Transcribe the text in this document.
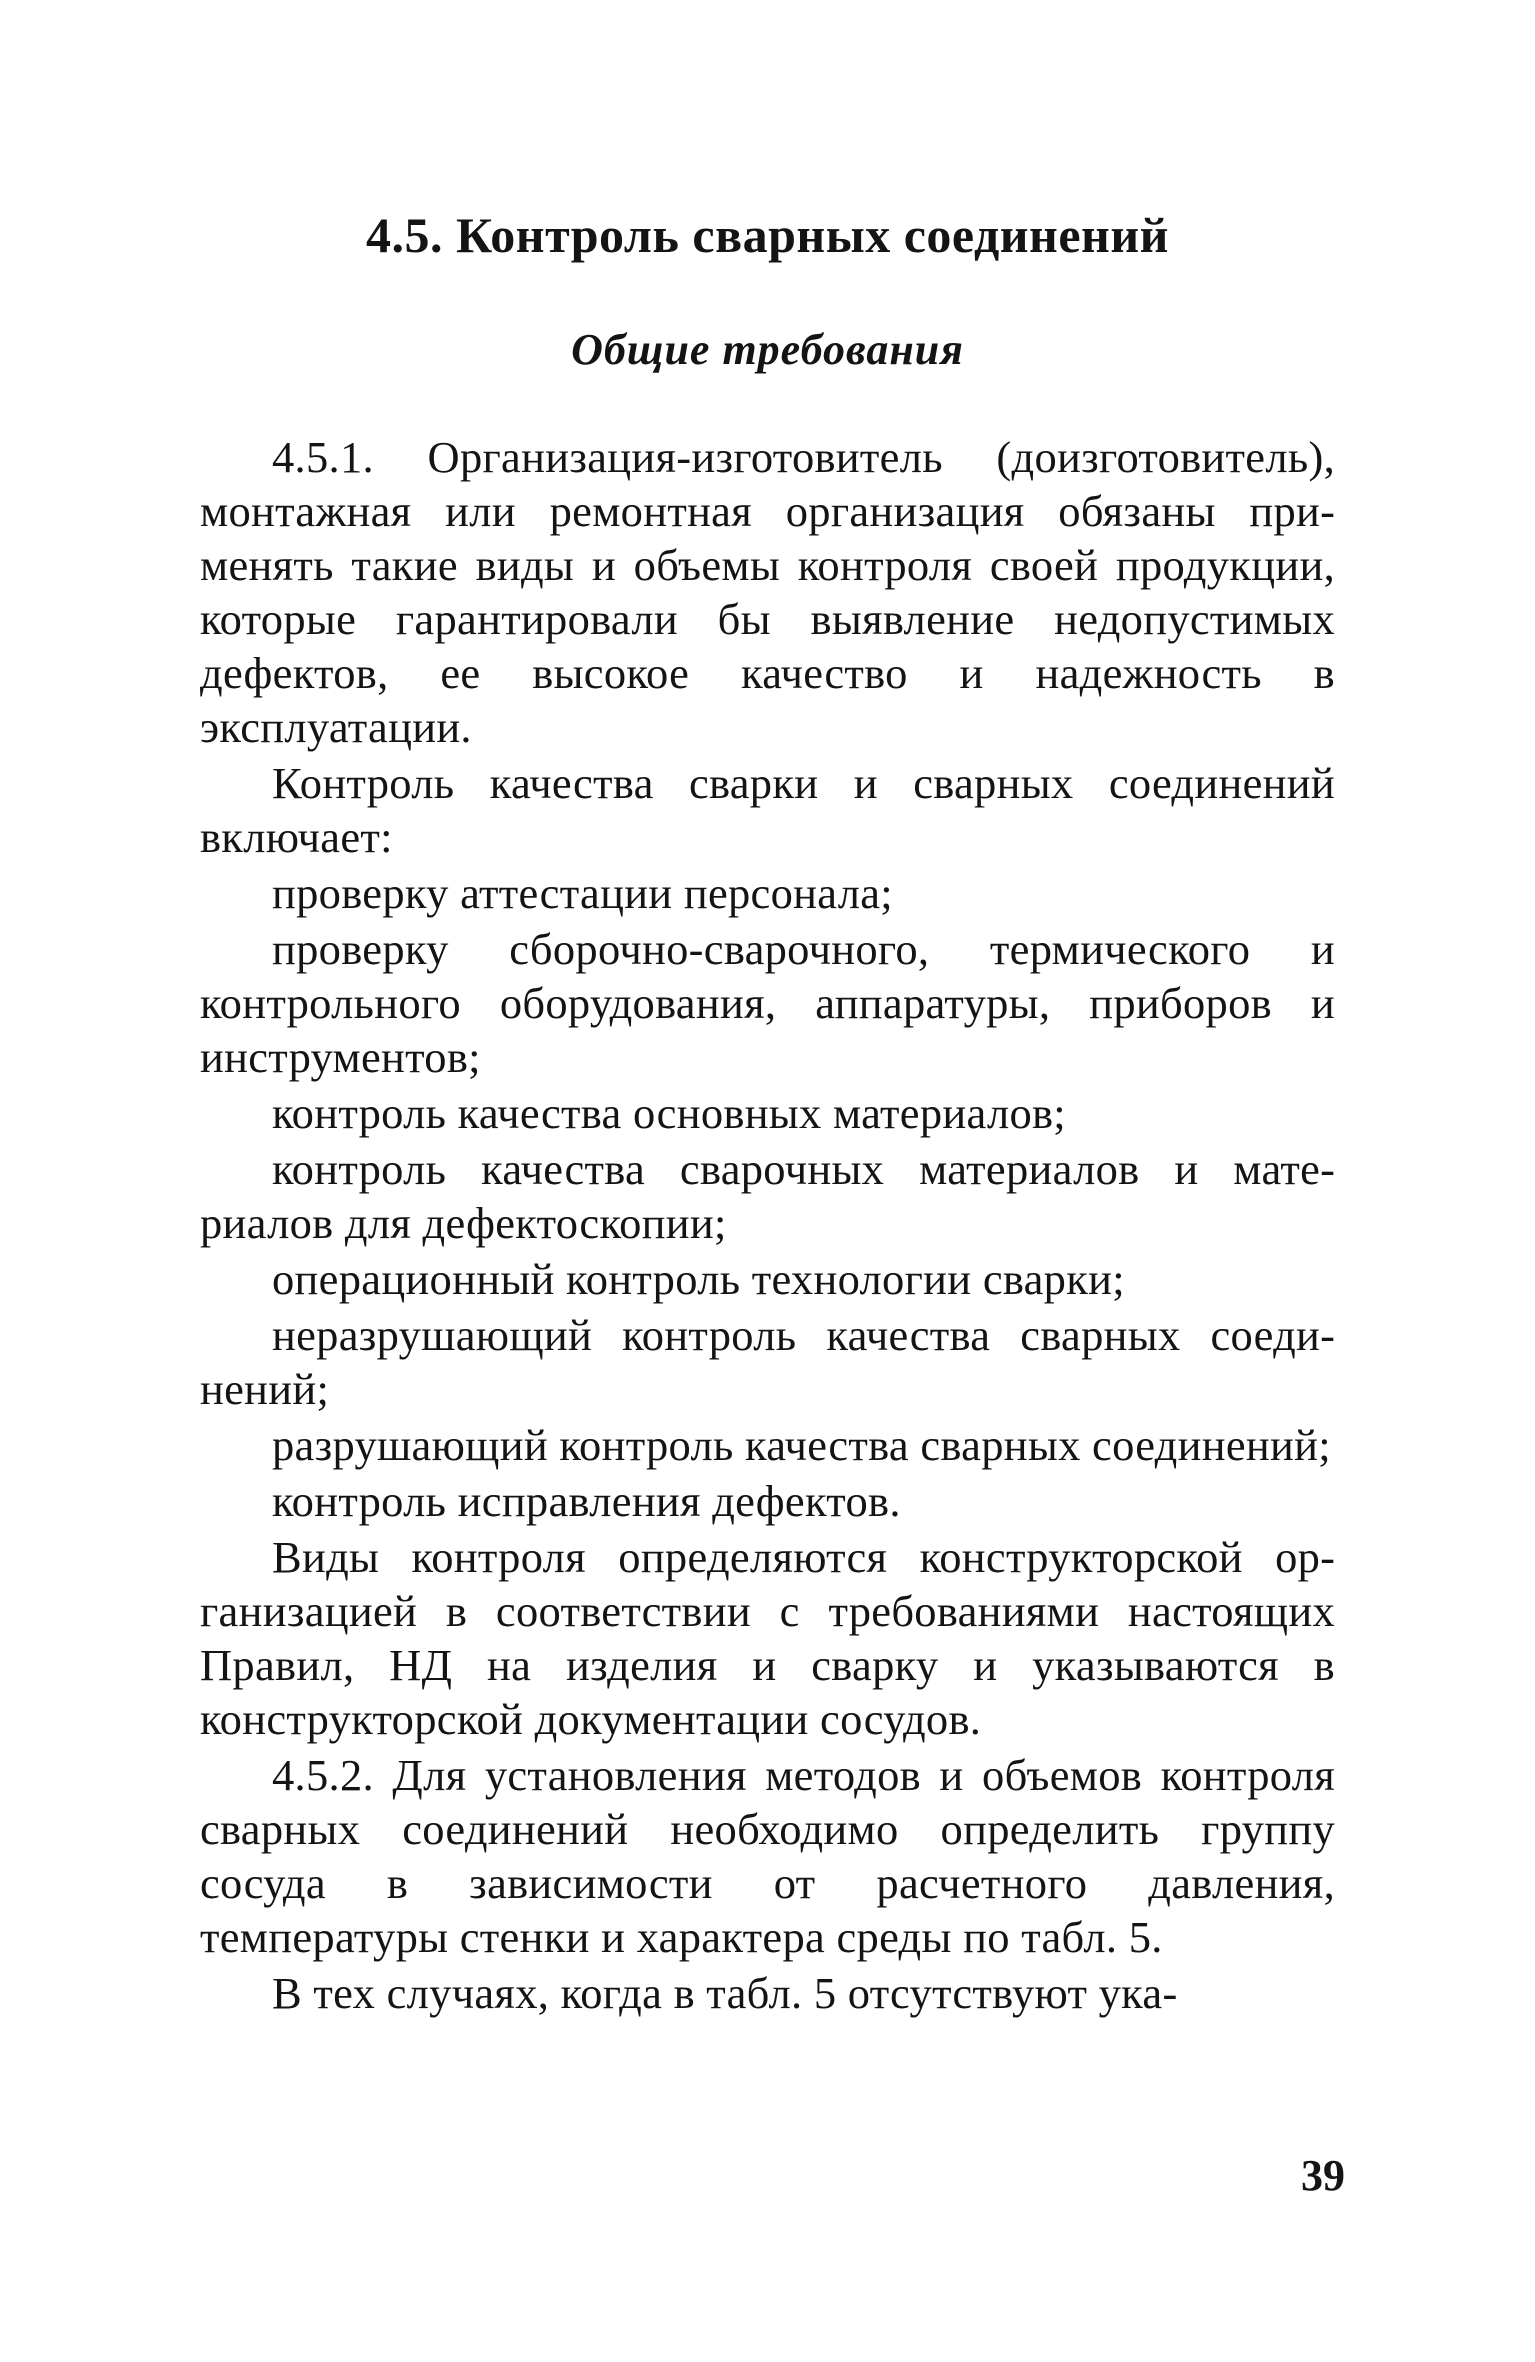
4.5. Контроль сварных соединений
Общие требования

4.5.1. Организация-изготовитель (доизготовитель), монтажная или ремонтная организация обязаны применять такие виды и объемы контроля своей продукции, которые гарантировали бы выявление недопустимых дефектов, ее высокое качество и надежность в эксплуатации.

Контроль качества сварки и сварных соединений включает:

проверку аттестации персонала;

проверку сборочно-сварочного, термического и контрольного оборудования, аппаратуры, приборов и инструментов;

контроль качества основных материалов;

контроль качества сварочных материалов и материалов для дефектоскопии;

операционный контроль технологии сварки;

неразрушающий контроль качества сварных соединений;

разрушающий контроль качества сварных соединений;

контроль исправления дефектов.

Виды контроля определяются конструкторской организацией в соответствии с требованиями настоящих Правил, НД на изделия и сварку и указываются в конструкторской документации сосудов.

4.5.2. Для установления методов и объемов контроля сварных соединений необходимо определить группу сосуда в зависимости от расчетного давления, температуры стенки и характера среды по табл. 5.

В тех случаях, когда в табл. 5 отсутствуют ука-

39
